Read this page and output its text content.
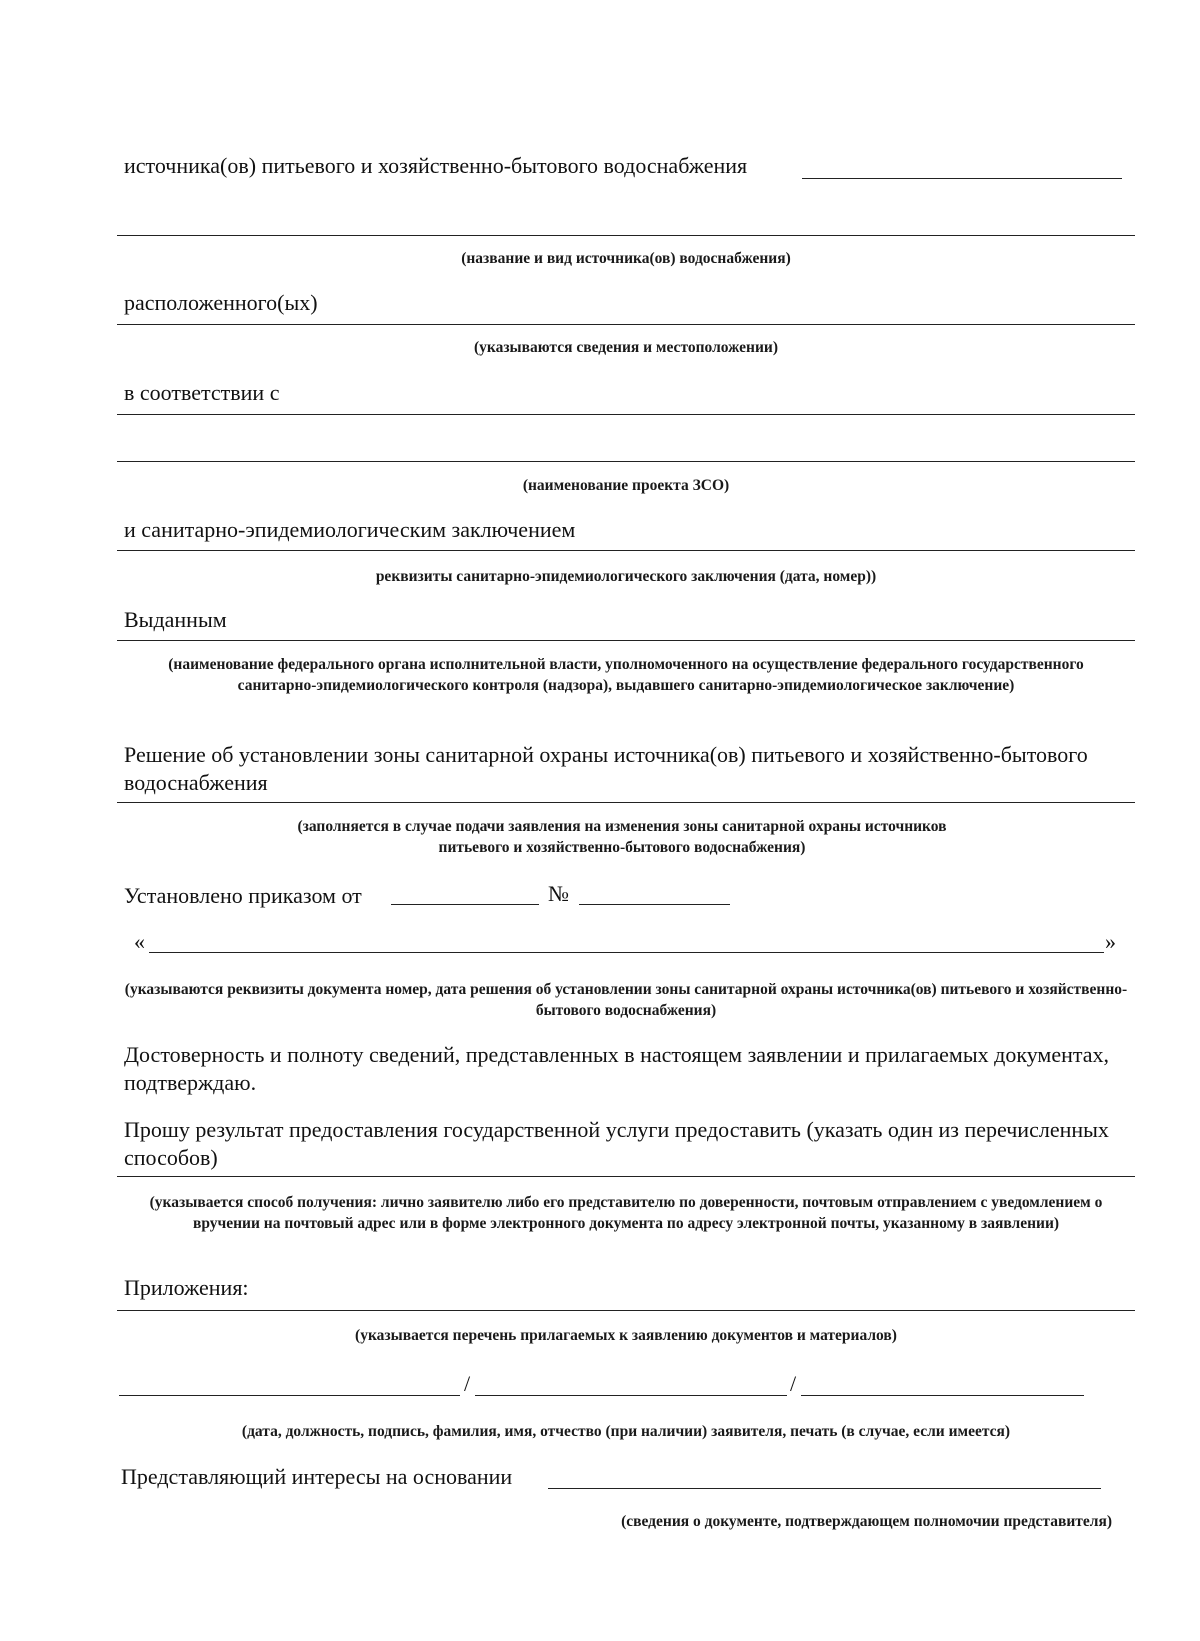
источника(ов) питьевого и хозяйственно-бытового водоснабжения
(название и вид источника(ов) водоснабжения)
расположенного(ых)
(указываются сведения и местоположении)
в соответствии с
(наименование проекта ЗСО)
и санитарно-эпидемиологическим заключением
реквизиты санитарно-эпидемиологического заключения (дата, номер))
Выданным
(наименование федерального органа исполнительной власти, уполномоченного на осуществление федерального государственного санитарно-эпидемиологического контроля (надзора), выдавшего санитарно-эпидемиологическое заключение)
Решение об установлении зоны санитарной охраны источника(ов) питьевого и хозяйственно-бытового водоснабжения
(заполняется в случае подачи заявления на изменения зоны санитарной охраны источников питьевого и хозяйственно-бытового водоснабжения)
Установлено приказом от	№
«	»
(указываются реквизиты документа номер, дата решения об установлении зоны санитарной охраны источника(ов) питьевого и хозяйственно-бытового водоснабжения)
Достоверность и полноту сведений, представленных в настоящем заявлении и прилагаемых документах, подтверждаю.
Прошу результат предоставления государственной услуги предоставить (указать один из перечисленных способов)
(указывается способ получения: лично заявителю либо его представителю по доверенности, почтовым отправлением с уведомлением о вручении на почтовый адрес или в форме электронного документа по адресу электронной почты, указанному в заявлении)
Приложения:
(указывается перечень прилагаемых к заявлению документов и материалов)
/	/
(дата, должность, подпись, фамилия, имя, отчество (при наличии) заявителя, печать (в случае, если имеется)
Представляющий интересы на основании
(сведения о документе, подтверждающем полномочии представителя)
